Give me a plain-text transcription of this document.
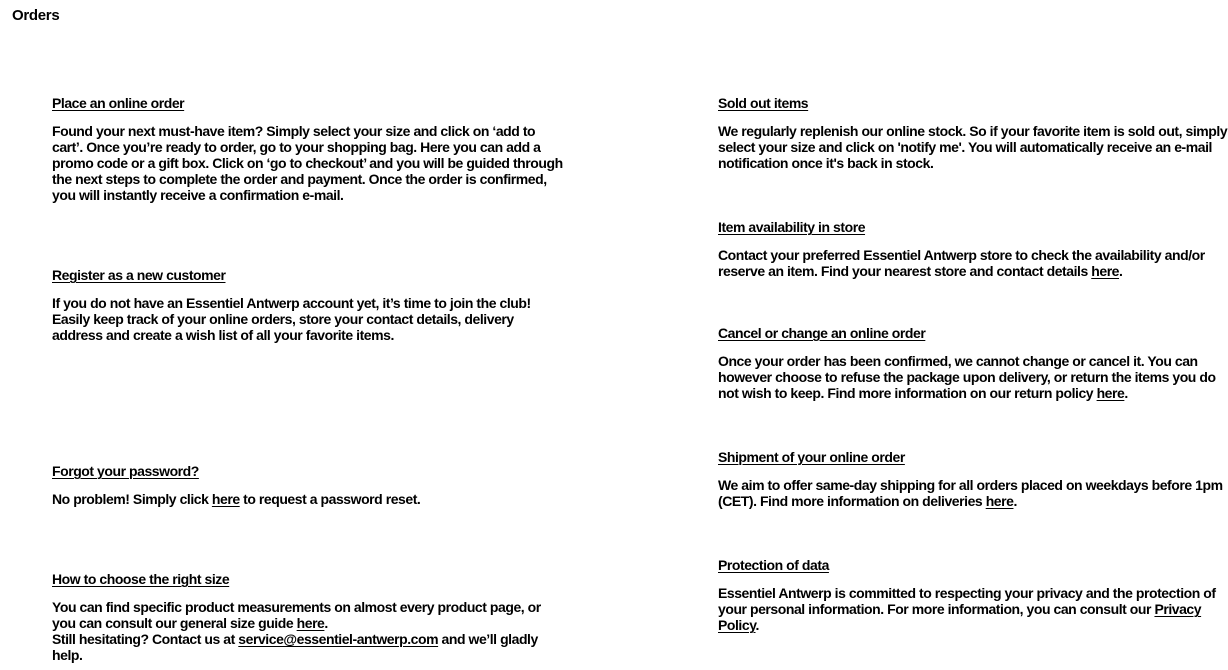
Orders
Place an online order

Found your next must-have item? Simply select your size and click on ‘add to cart’. Once you’re ready to order, go to your shopping bag. Here you can add a promo code or a gift box. Click on ‘go to checkout’ and you will be guided through the next steps to complete the order and payment. Once the order is confirmed, you will instantly receive a confirmation e-mail.

Register as a new customer

If you do not have an Essentiel Antwerp account yet, it’s time to join the club! Easily keep track of your online orders, store your contact details, delivery address and create a wish list of all your favorite items.

Forgot your password?

No problem! Simply click here to request a password reset.

How to choose the right size

You can find specific product measurements on almost every product page, or you can consult our general size guide here.

Still hesitating? Contact us at service@essentiel-antwerp.com and we’ll gladly help.

Sold out items

We regularly replenish our online stock. So if your favorite item is sold out, simply select your size and click on 'notify me'. You will automatically receive an e-mail notification once it's back in stock.

Item availability in store

Contact your preferred Essentiel Antwerp store to check the availability and/or reserve an item. Find your nearest store and contact details here.

Cancel or change an online order

Once your order has been confirmed, we cannot change or cancel it. You can however choose to refuse the package upon delivery, or return the items you do not wish to keep. Find more information on our return policy here.

Shipment of your online order

We aim to offer same-day shipping for all orders placed on weekdays before 1pm (CET). Find more information on deliveries here.

Protection of data

Essentiel Antwerp is committed to respecting your privacy and the protection of your personal information. For more information, you can consult our Privacy Policy.
